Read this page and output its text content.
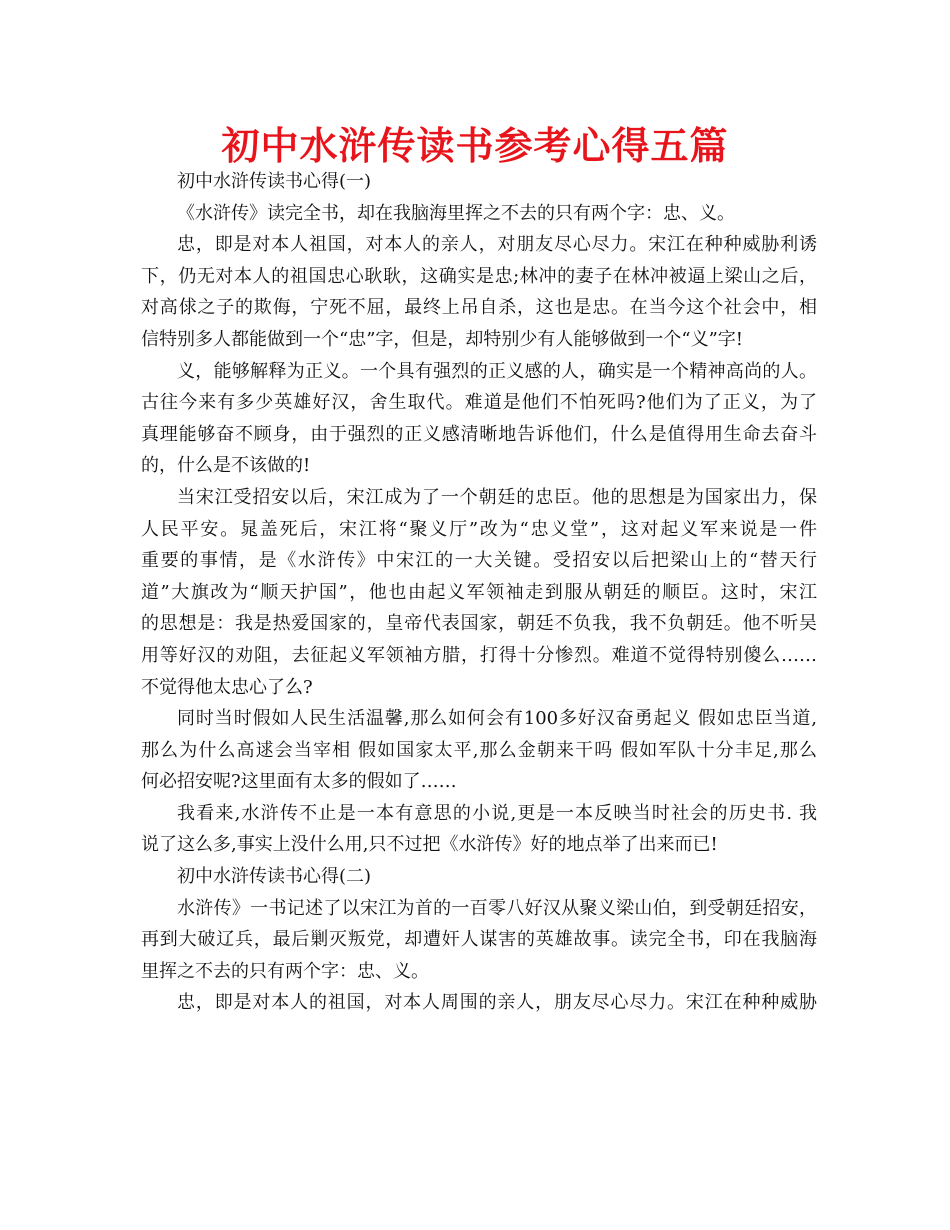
初中水浒传读书参考心得五篇
初中水浒传读书心得(一)
《水浒传》读完全书，却在我脑海里挥之不去的只有两个字：忠、义。
忠，即是对本人祖国，对本人的亲人，对朋友尽心尽力。宋江在种种威胁利诱
下，仍无对本人的祖国忠心耿耿，这确实是忠;林冲的妻子在林冲被逼上梁山之后，
对高俅之子的欺侮，宁死不屈，最终上吊自杀，这也是忠。在当今这个社会中，相
信特别多人都能做到一个“忠”字，但是，却特别少有人能够做到一个“义”字!
义，能够解释为正义。一个具有强烈的正义感的人，确实是一个精神高尚的人。
古往今来有多少英雄好汉，舍生取代。难道是他们不怕死吗?他们为了正义，为了
真理能够奋不顾身，由于强烈的正义感清晰地告诉他们，什么是值得用生命去奋斗
的，什么是不该做的!
当宋江受招安以后，宋江成为了一个朝廷的忠臣。他的思想是为国家出力，保
人民平安。晁盖死后，宋江将“聚义厅”改为“忠义堂”，这对起义军来说是一件
重要的事情，是《水浒传》中宋江的一大关键。受招安以后把梁山上的“替天行
道”大旗改为“顺天护国”，他也由起义军领袖走到服从朝廷的顺臣。这时，宋江
的思想是：我是热爱国家的，皇帝代表国家，朝廷不负我，我不负朝廷。他不听吴
用等好汉的劝阻，去征起义军领袖方腊，打得十分惨烈。难道不觉得特别傻么……
不觉得他太忠心了么?
同时当时假如人民生活温馨,那么如何会有100多好汉奋勇起义 假如忠臣当道,
那么为什么高逑会当宰相 假如国家太平,那么金朝来干吗 假如军队十分丰足,那么
何必招安呢?这里面有太多的假如了……
我看来,水浒传不止是一本有意思的小说,更是一本反映当时社会的历史书. 我
说了这么多,事实上没什么用,只不过把《水浒传》好的地点举了出来而已!
初中水浒传读书心得(二)
水浒传》一书记述了以宋江为首的一百零八好汉从聚义梁山伯，到受朝廷招安，
再到大破辽兵，最后剿灭叛党，却遭奸人谋害的英雄故事。读完全书，印在我脑海
里挥之不去的只有两个字：忠、义。
忠，即是对本人的祖国，对本人周围的亲人，朋友尽心尽力。宋江在种种威胁
